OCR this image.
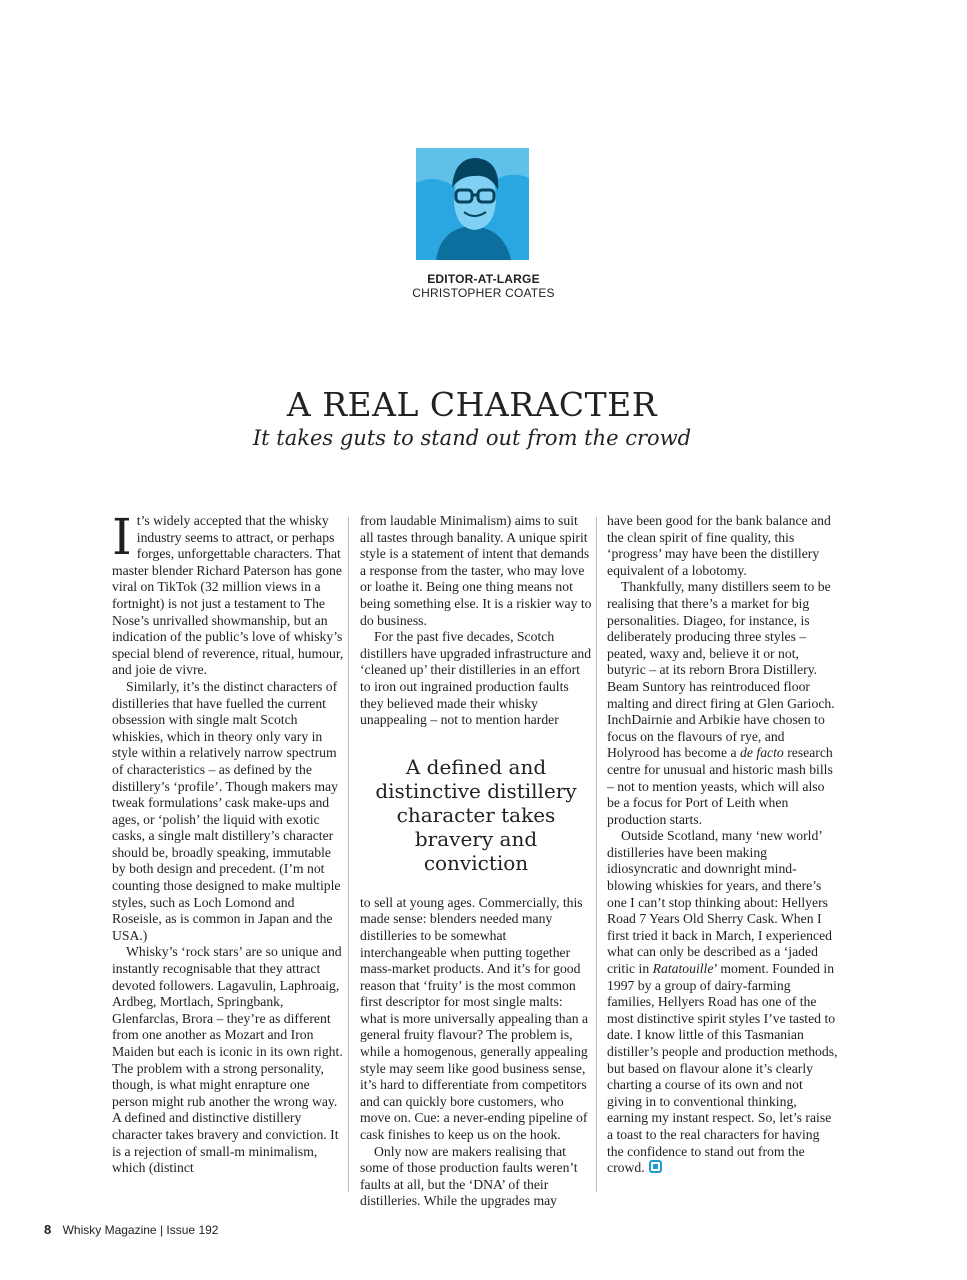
EDITOR-AT-LARGE
CHRISTOPHER COATES
A REAL CHARACTER
It takes guts to stand out from the crowd

It’s widely accepted that the whisky industry seems to attract, or perhaps forges, unforgettable characters. That master blender Richard Paterson has gone viral on TikTok (32 million views in a fortnight) is not just a testament to The Nose’s unrivalled showmanship, but an indication of the public’s love of whisky’s special blend of reverence, ritual, humour, and joie de vivre.

Similarly, it’s the distinct characters of distilleries that have fuelled the current obsession with single malt Scotch whiskies, which in theory only vary in style within a relatively narrow spectrum of characteristics – as defined by the distillery’s ‘profile’. Though makers may tweak formulations’ cask make-ups and ages, or ‘polish’ the liquid with exotic casks, a single malt distillery’s character should be, broadly speaking, immutable by both design and precedent. (I’m not counting those designed to make multiple styles, such as Loch Lomond and Roseisle, as is common in Japan and the USA.)

Whisky’s ‘rock stars’ are so unique and instantly recognisable that they attract devoted followers. Lagavulin, Laphroaig, Ardbeg, Mortlach, Springbank, Glenfarclas, Brora – they’re as different from one another as Mozart and Iron Maiden but each is iconic in its own right. The problem with a strong personality, though, is what might enrapture one person might rub another the wrong way. A defined and distinctive distillery character takes bravery and conviction. It is a rejection of small-m minimalism, which (distinct

from laudable Minimalism) aims to suit all tastes through banality. A unique spirit style is a statement of intent that demands a response from the taster, who may love or loathe it. Being one thing means not being something else. It is a riskier way to do business.

For the past five decades, Scotch distillers have upgraded infrastructure and ‘cleaned up’ their distilleries in an effort to iron out ingrained production faults they believed made their whisky unappealing – not to mention harder

A defined and distinctive distillery character takes bravery and conviction

to sell at young ages. Commercially, this made sense: blenders needed many distilleries to be somewhat interchangeable when putting together mass-market products. And it’s for good reason that ‘fruity’ is the most common first descriptor for most single malts: what is more universally appealing than a general fruity flavour? The problem is, while a homogenous, generally appealing style may seem like good business sense, it’s hard to differentiate from competitors and can quickly bore customers, who move on. Cue: a never-ending pipeline of cask finishes to keep us on the hook.

Only now are makers realising that some of those production faults weren’t faults at all, but the ‘DNA’ of their distilleries. While the upgrades may

have been good for the bank balance and the clean spirit of fine quality, this ‘progress’ may have been the distillery equivalent of a lobotomy.

Thankfully, many distillers seem to be realising that there’s a market for big personalities. Diageo, for instance, is deliberately producing three styles – peated, waxy and, believe it or not, butyric – at its reborn Brora Distillery. Beam Suntory has reintroduced floor malting and direct firing at Glen Garioch. InchDairnie and Arbikie have chosen to focus on the flavours of rye, and Holyrood has become a de facto research centre for unusual and historic mash bills – not to mention yeasts, which will also be a focus for Port of Leith when production starts.

Outside Scotland, many ‘new world’ distilleries have been making idiosyncratic and downright mind-blowing whiskies for years, and there’s one I can’t stop thinking about: Hellyers Road 7 Years Old Sherry Cask. When I first tried it back in March, I experienced what can only be described as a ‘jaded critic in Ratatouille’ moment. Founded in 1997 by a group of dairy-farming families, Hellyers Road has one of the most distinctive spirit styles I’ve tasted to date. I know little of this Tasmanian distiller’s people and production methods, but based on flavour alone it’s clearly charting a course of its own and not giving in to conventional thinking, earning my instant respect. So, let’s raise a toast to the real characters for having the confidence to stand out from the crowd.

8 Whisky Magazine | Issue 192
